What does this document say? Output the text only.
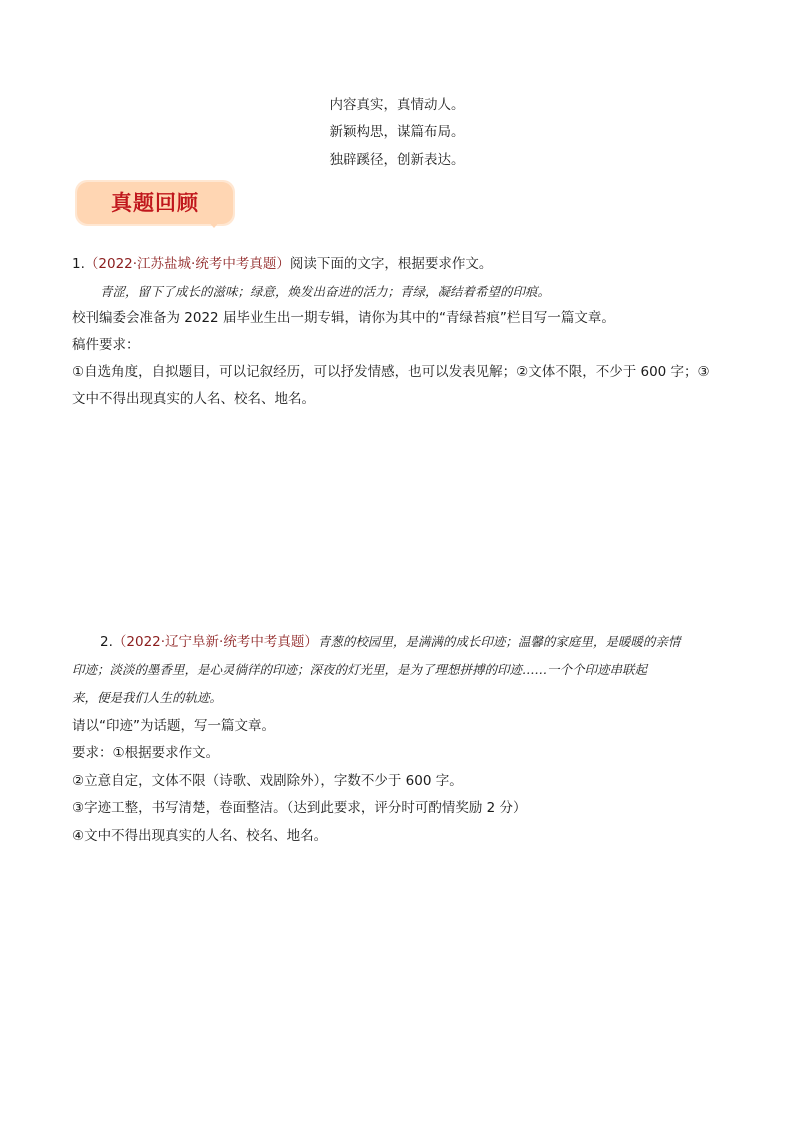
内容真实，真情动人。
新颖构思，谋篇布局。
独辟蹊径，创新表达。
真题回顾
1.（2022·江苏盐城·统考中考真题）阅读下面的文字，根据要求作文。
青涩，留下了成长的滋味；绿意，焕发出奋进的活力；青绿，凝结着希望的印痕。
校刊编委会准备为 2022 届毕业生出一期专辑，请你为其中的“青绿苔痕”栏目写一篇文章。
稿件要求：
①自选角度，自拟题目，可以记叙经历，可以抒发情感，也可以发表见解；②文体不限，不少于 600 字；③
文中不得出现真实的人名、校名、地名。
2.（2022·辽宁阜新·统考中考真题）青葱的校园里，是满满的成长印迹；温馨的家庭里，是暖暖的亲情
印迹；淡淡的墨香里，是心灵徜徉的印迹；深夜的灯光里，是为了理想拼搏的印迹……一个个印迹串联起
来，便是我们人生的轨迹。
请以“印迹”为话题，写一篇文章。
要求：①根据要求作文。
②立意自定，文体不限（诗歌、戏剧除外），字数不少于 600 字。
③字迹工整，书写清楚，卷面整洁。（达到此要求，评分时可酌情奖励 2 分）
④文中不得出现真实的人名、校名、地名。
